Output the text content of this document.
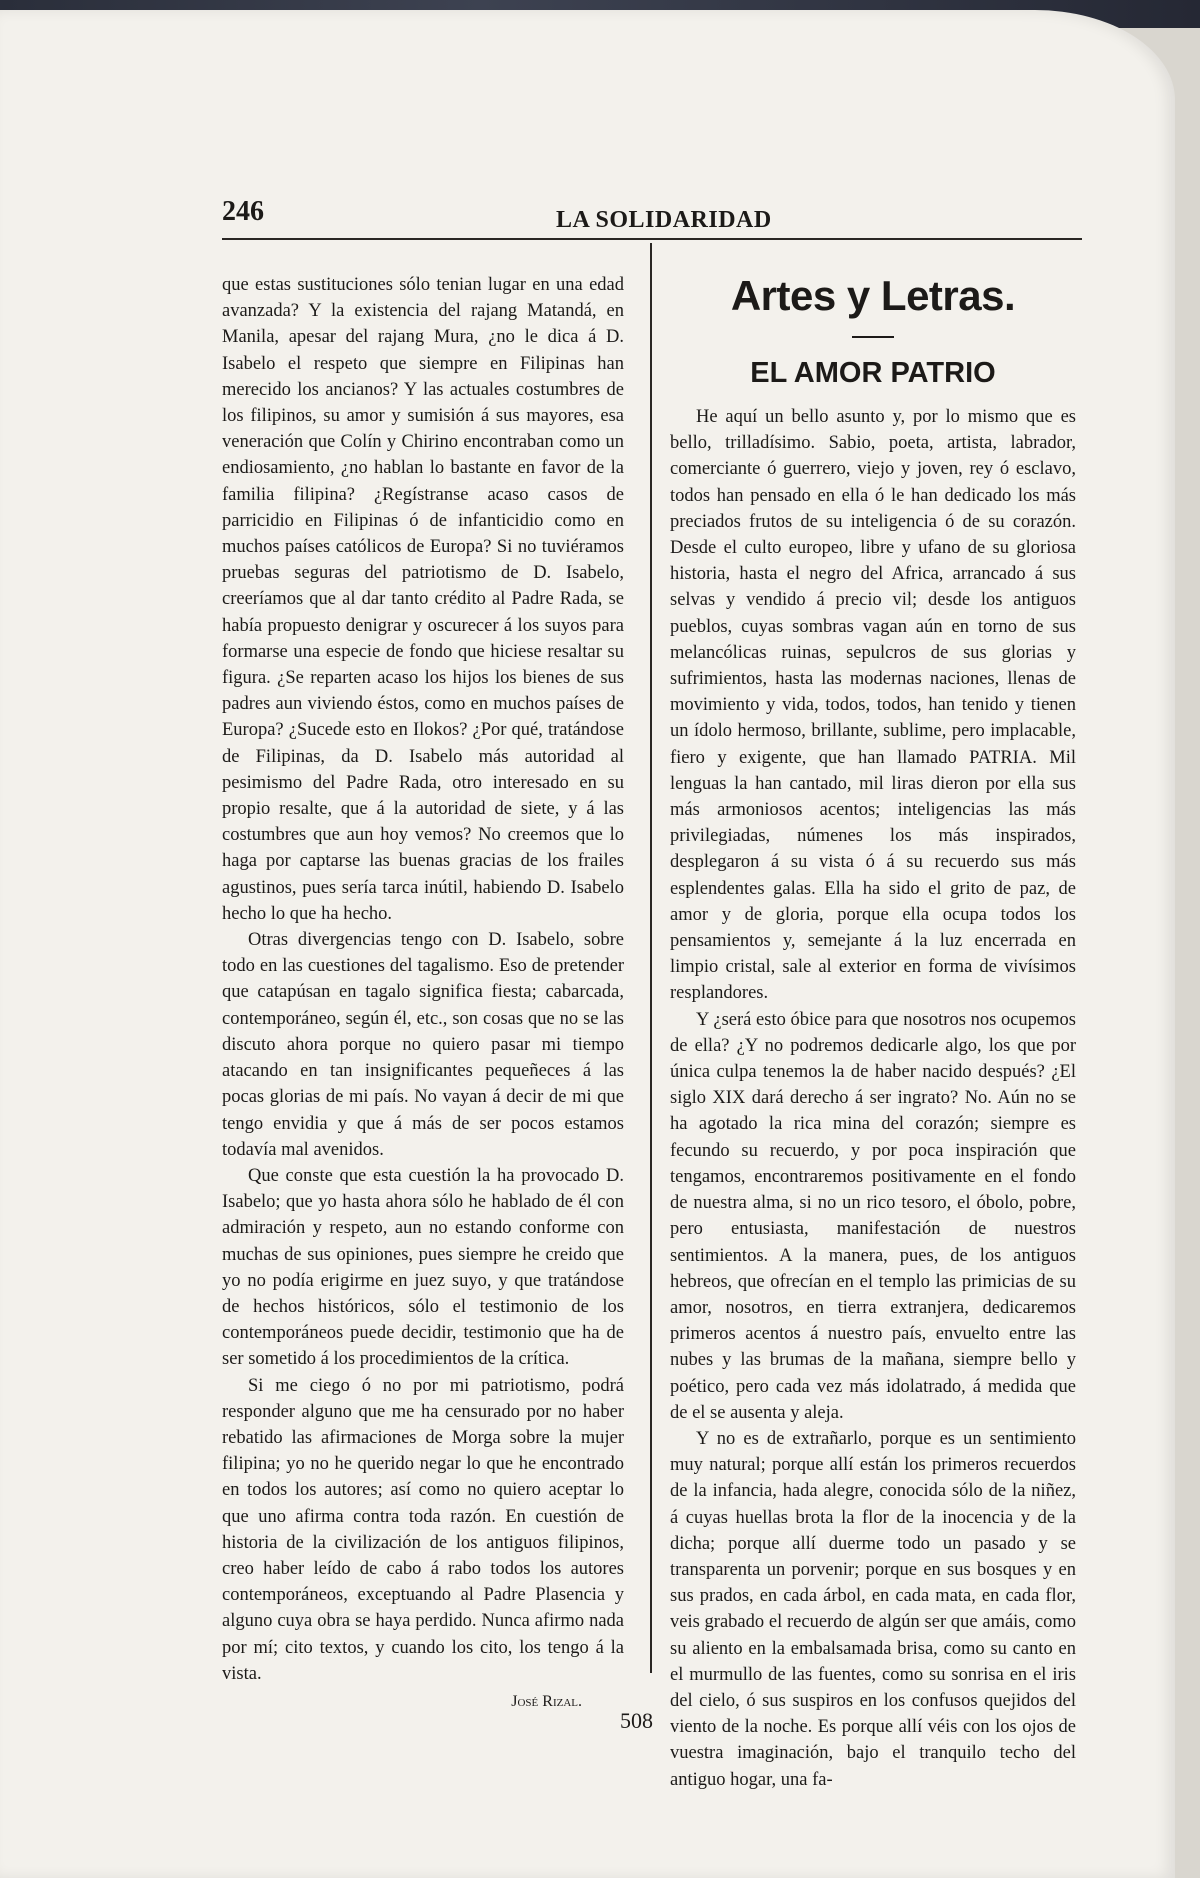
246	LA SOLIDARIDAD

que estas sustituciones sólo tenian lugar en una edad avanzada? Y la existencia del rajang Matandá, en Manila, apesar del rajang Mura, ¿no le dica á D. Isabelo el respeto que siempre en Filipinas han merecido los ancianos? Y las actuales costumbres de los filipinos, su amor y sumisión á sus mayores, esa veneración que Colín y Chirino encontraban como un endiosamiento, ¿no hablan lo bastante en favor de la familia filipina? ¿Regístranse acaso casos de parricidio en Filipinas ó de infanticidio como en muchos países católicos de Europa? Si no tuviéramos pruebas seguras del patriotismo de D. Isabelo, creeríamos que al dar tanto crédito al Padre Rada, se había propuesto denigrar y oscurecer á los suyos para formarse una especie de fondo que hiciese resaltar su figura. ¿Se reparten acaso los hijos los bienes de sus padres aun viviendo éstos, como en muchos países de Europa? ¿Sucede esto en Ilokos? ¿Por qué, tratándose de Filipinas, da D. Isabelo más autoridad al pesimismo del Padre Rada, otro interesado en su propio resalte, que á la autoridad de siete, y á las costumbres que aun hoy vemos? No creemos que lo haga por captarse las buenas gracias de los frailes agustinos, pues sería tarca inútil, habiendo D. Isabelo hecho lo que ha hecho.

Otras divergencias tengo con D. Isabelo, sobre todo en las cuestiones del tagalismo. Eso de pretender que catapúsan en tagalo significa fiesta; cabarcada, contemporáneo, según él, etc., son cosas que no se las discuto ahora porque no quiero pasar mi tiempo atacando en tan insignificantes pequeñeces á las pocas glorias de mi país. No vayan á decir de mi que tengo envidia y que á más de ser pocos estamos todavía mal avenidos.

Que conste que esta cuestión la ha provocado D. Isabelo; que yo hasta ahora sólo he hablado de él con admiración y respeto, aun no estando conforme con muchas de sus opiniones, pues siempre he creido que yo no podía erigirme en juez suyo, y que tratándose de hechos históricos, sólo el testimonio de los contemporáneos puede decidir, testimonio que ha de ser sometido á los procedimientos de la crítica.

Si me ciego ó no por mi patriotismo, podrá responder alguno que me ha censurado por no haber rebatido las afirmaciones de Morga sobre la mujer filipina; yo no he querido negar lo que he encontrado en todos los autores; así como no quiero aceptar lo que uno afirma contra toda razón. En cuestión de historia de la civilización de los antiguos filipinos, creo haber leído de cabo á rabo todos los autores contemporáneos, exceptuando al Padre Plasencia y alguno cuya obra se haya perdido. Nunca afirmo nada por mí; cito textos, y cuando los cito, los tengo á la vista.

José Rizal.
Artes y Letras.
EL AMOR PATRIO

He aquí un bello asunto y, por lo mismo que es bello, trilladísimo. Sabio, poeta, artista, labrador, comerciante ó guerrero, viejo y joven, rey ó esclavo, todos han pensado en ella ó le han dedicado los más preciados frutos de su inteligencia ó de su corazón. Desde el culto europeo, libre y ufano de su gloriosa historia, hasta el negro del Africa, arrancado á sus selvas y vendido á precio vil; desde los antiguos pueblos, cuyas sombras vagan aún en torno de sus melancólicas ruinas, sepulcros de sus glorias y sufrimientos, hasta las modernas naciones, llenas de movimiento y vida, todos, todos, han tenido y tienen un ídolo hermoso, brillante, sublime, pero implacable, fiero y exigente, que han llamado PATRIA. Mil lenguas la han cantado, mil liras dieron por ella sus más armoniosos acentos; inteligencias las más privilegiadas, númenes los más inspirados, desplegaron á su vista ó á su recuerdo sus más esplendentes galas. Ella ha sido el grito de paz, de amor y de gloria, porque ella ocupa todos los pensamientos y, semejante á la luz encerrada en limpio cristal, sale al exterior en forma de vivísimos resplandores.

Y ¿será esto óbice para que nosotros nos ocupemos de ella? ¿Y no podremos dedicarle algo, los que por única culpa tenemos la de haber nacido después? ¿El siglo XIX dará derecho á ser ingrato? No. Aún no se ha agotado la rica mina del corazón; siempre es fecundo su recuerdo, y por poca inspiración que tengamos, encontraremos positivamente en el fondo de nuestra alma, si no un rico tesoro, el óbolo, pobre, pero entusiasta, manifestación de nuestros sentimientos. A la manera, pues, de los antiguos hebreos, que ofrecían en el templo las primicias de su amor, nosotros, en tierra extranjera, dedicaremos primeros acentos á nuestro país, envuelto entre las nubes y las brumas de la mañana, siempre bello y poético, pero cada vez más idolatrado, á medida que de el se ausenta y aleja.

Y no es de extrañarlo, porque es un sentimiento muy natural; porque allí están los primeros recuerdos de la infancia, hada alegre, conocida sólo de la niñez, á cuyas huellas brota la flor de la inocencia y de la dicha; porque allí duerme todo un pasado y se transparenta un porvenir; porque en sus bosques y en sus prados, en cada árbol, en cada mata, en cada flor, veis grabado el recuerdo de algún ser que amáis, como su aliento en la embalsamada brisa, como su canto en el murmullo de las fuentes, como su sonrisa en el iris del cielo, ó sus suspiros en los confusos quejidos del viento de la noche. Es porque allí véis con los ojos de vuestra imaginación, bajo el tranquilo techo del antiguo hogar, una fa-

508
